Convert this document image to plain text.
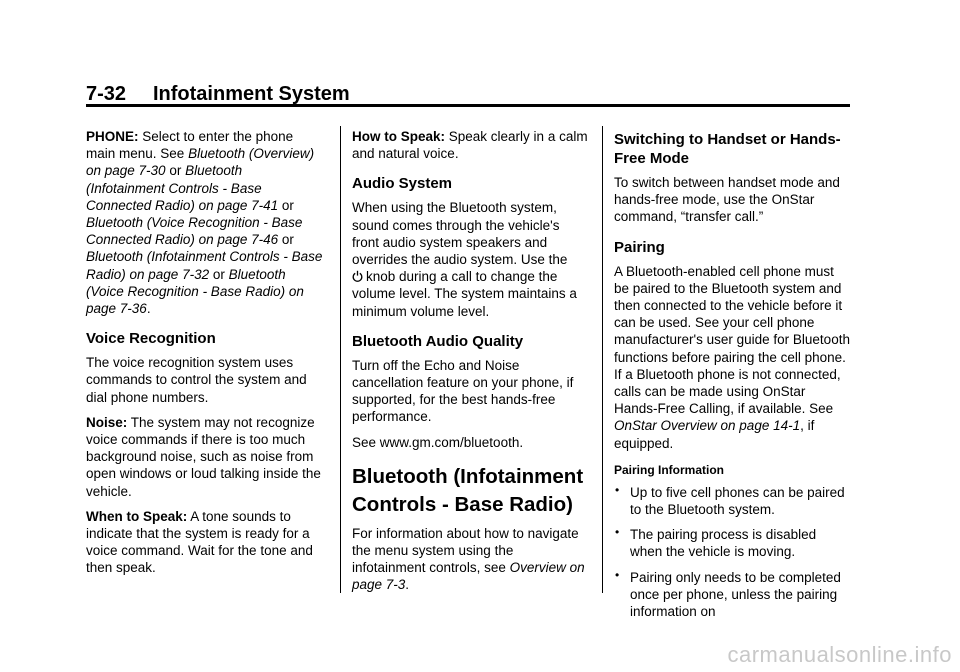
7-32 Infotainment System

PHONE: Select to enter the phone main menu. See Bluetooth (Overview) on page 7-30 or Bluetooth (Infotainment Controls - Base Connected Radio) on page 7-41 or Bluetooth (Voice Recognition - Base Connected Radio) on page 7-46 or Bluetooth (Infotainment Controls - Base Radio) on page 7-32 or Bluetooth (Voice Recognition - Base Radio) on page 7-36.

Voice Recognition

The voice recognition system uses commands to control the system and dial phone numbers.

Noise: The system may not recognize voice commands if there is too much background noise, such as noise from open windows or loud talking inside the vehicle.

When to Speak: A tone sounds to indicate that the system is ready for a voice command. Wait for the tone and then speak.

How to Speak: Speak clearly in a calm and natural voice.

Audio System

When using the Bluetooth system, sound comes through the vehicle's front audio system speakers and overrides the audio system. Use the
knob during a call to change the volume level. The system maintains a minimum volume level.

Bluetooth Audio Quality

Turn off the Echo and Noise cancellation feature on your phone, if supported, for the best hands-free performance.

See www.gm.com/bluetooth.

Bluetooth (Infotainment Controls - Base Radio)

For information about how to navigate the menu system using the infotainment controls, see Overview on page 7-3.

Switching to Handset or Hands-Free Mode

To switch between handset mode and hands-free mode, use the OnStar command, “transfer call.”

Pairing

A Bluetooth-enabled cell phone must be paired to the Bluetooth system and then connected to the vehicle before it can be used. See your cell phone manufacturer's user guide for Bluetooth functions before pairing the cell phone. If a Bluetooth phone is not connected, calls can be made using OnStar Hands-Free Calling, if available. See OnStar Overview on page 14-1, if equipped.

Pairing Information
• Up to five cell phones can be paired to the Bluetooth system.
• The pairing process is disabled when the vehicle is moving.
• Pairing only needs to be completed once per phone, unless the pairing information on
carmanualsonline.info
